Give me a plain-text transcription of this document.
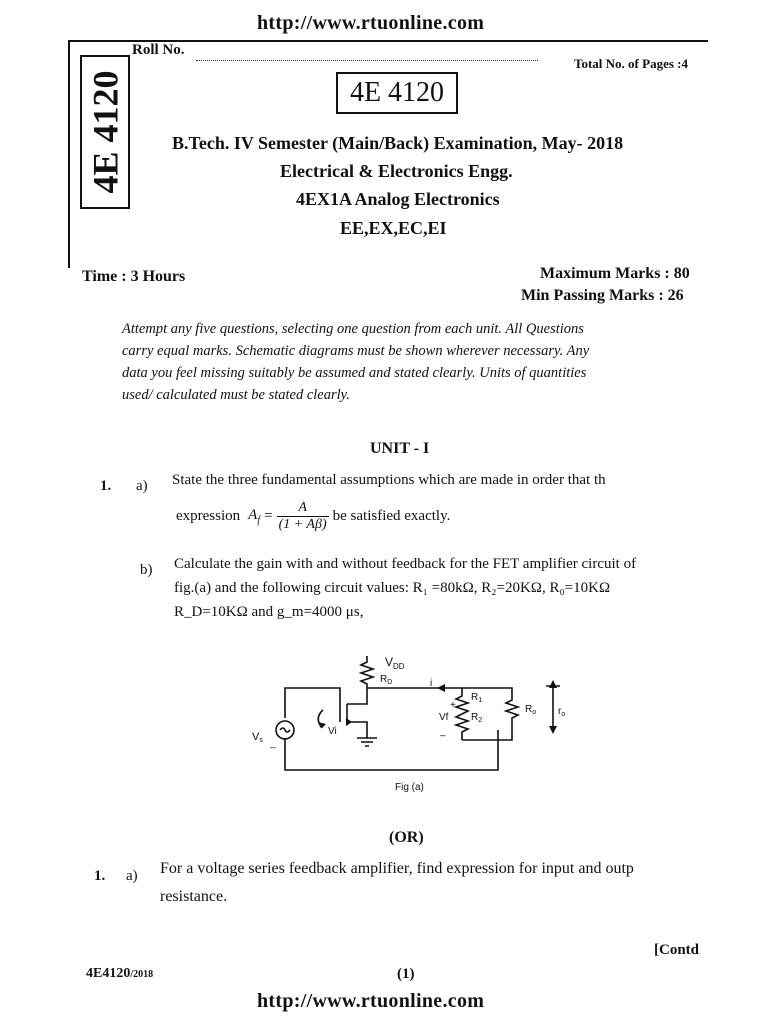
http://www.rtuonline.com
Roll No.
Total No. of Pages :4
4E 4120	4E 4120
B.Tech. IV Semester (Main/Back) Examination, May- 2018
Electrical & Electronics Engg.
4EX1A Analog Electronics
EE,EX,EC,EI
Time : 3 Hours	Maximum Marks : 80
Min Passing Marks : 26
Attempt any five questions, selecting one question from each unit. All Questions
carry equal marks. Schematic diagrams must be shown wherever necessary. Any
data you feel missing suitably be assumed and stated clearly. Units of quantities
used/ calculated must be stated clearly.
UNIT - I
1. a) State the three fundamental assumptions which are made in order that th
expression $A_f = \frac{A}{(1 + A\beta)}$ be satisfied exactly.
b) Calculate the gain with and without feedback for the FET amplifier circuit of
fig.(a) and the following circuit values: R₁ =80kΩ, R₂=20KΩ, R₀=10KΩ
R_D=10KΩ and g_m=4000 μs,
$V_{DD}$
$R_D$	i
$R_1$
$R_2$
$R_o$ $r_o$
Vf
+
_
Vi
Vs _
Fig (a)
(OR)
1. a) For a voltage series feedback amplifier, find expression for input and outp
resistance.
[Contd
4E4120/2018	(1)
http://www.rtuonline.com
